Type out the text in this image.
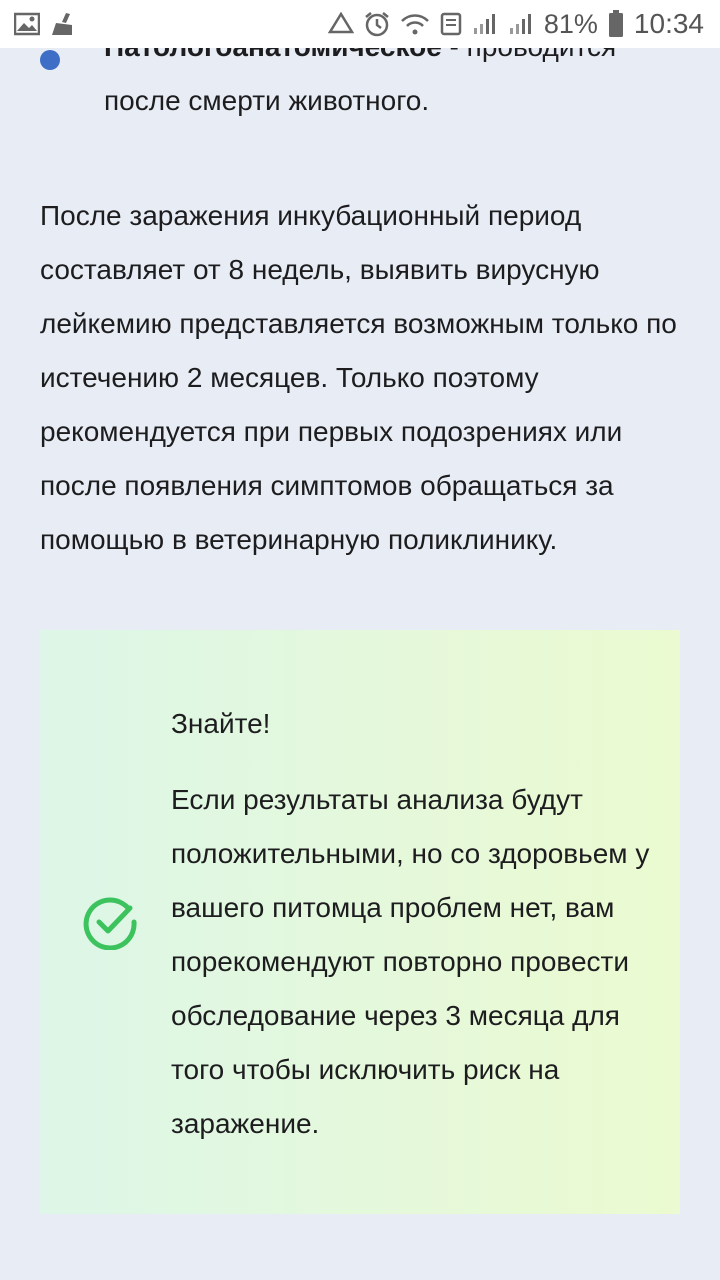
после смерти животного.
После заражения инкубационный период составляет от 8 недель, выявить вирусную лейкемию представляется возможным только по истечению 2 месяцев. Только поэтому рекомендуется при первых подозрениях или после появления симптомов обращаться за помощью в ветеринарную поликлинику.
Знайте!
Если результаты анализа будут положительными, но со здоровьем у вашего питомца проблем нет, вам порекомендуют повторно провести обследование через 3 месяца для того чтобы исключить риск на заражение.
81% 10:34
